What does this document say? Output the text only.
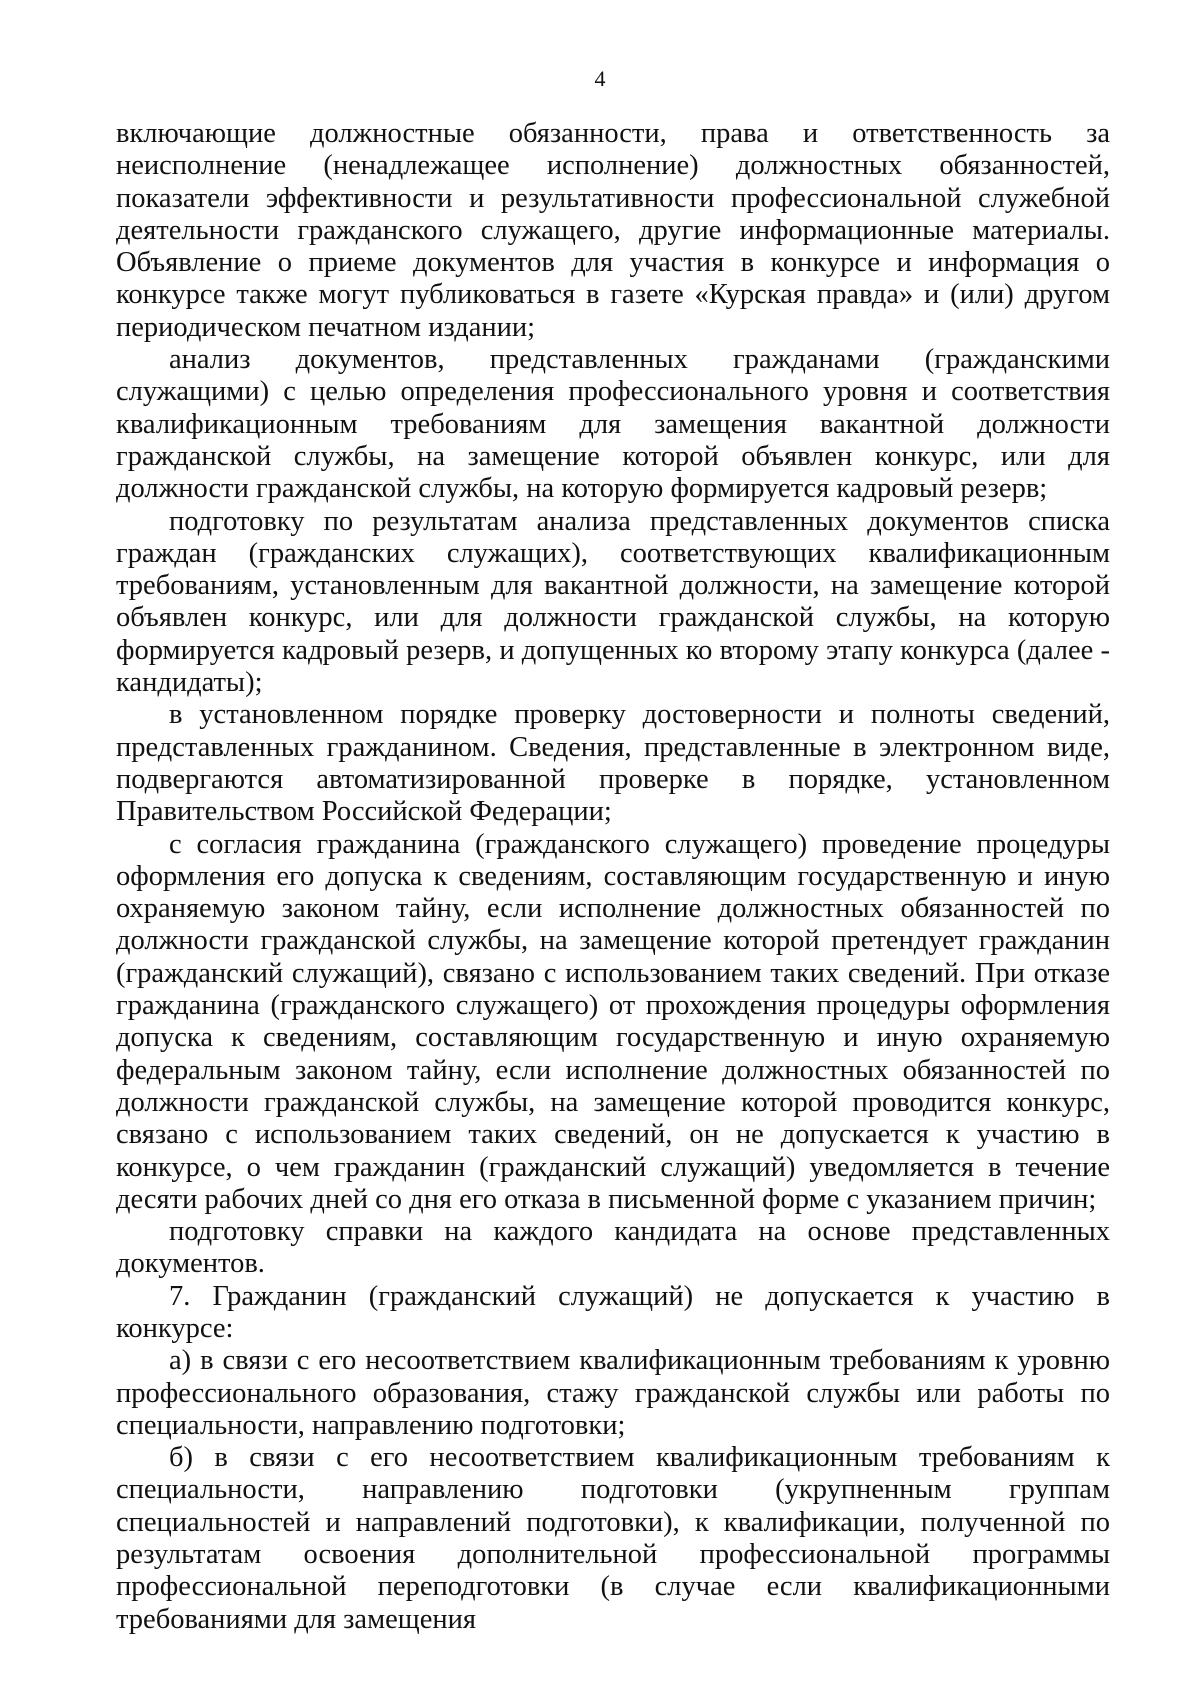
4

включающие должностные обязанности, права и ответственность за неисполнение (ненадлежащее исполнение) должностных обязанностей, показатели эффективности и результативности профессиональной служебной деятельности гражданского служащего, другие информационные материалы. Объявление о приеме документов для участия в конкурсе и информация о конкурсе также могут публиковаться в газете «Курская правда» и (или) другом периодическом печатном издании;

анализ документов, представленных гражданами (гражданскими служащими) с целью определения профессионального уровня и соответствия квалификационным требованиям для замещения вакантной должности гражданской службы, на замещение которой объявлен конкурс, или для должности гражданской службы, на которую формируется кадровый резерв;

подготовку по результатам анализа представленных документов списка граждан (гражданских служащих), соответствующих квалификационным требованиям, установленным для вакантной должности, на замещение которой объявлен конкурс, или для должности гражданской службы, на которую формируется кадровый резерв, и допущенных ко второму этапу конкурса (далее - кандидаты);

в установленном порядке проверку достоверности и полноты сведений, представленных гражданином. Сведения, представленные в электронном виде, подвергаются автоматизированной проверке в порядке, установленном Правительством Российской Федерации;

с согласия гражданина (гражданского служащего) проведение процедуры оформления его допуска к сведениям, составляющим государственную и иную охраняемую законом тайну, если исполнение должностных обязанностей по должности гражданской службы, на замещение которой претендует гражданин (гражданский служащий), связано с использованием таких сведений. При отказе гражданина (гражданского служащего) от прохождения процедуры оформления допуска к сведениям, составляющим государственную и иную охраняемую федеральным законом тайну, если исполнение должностных обязанностей по должности гражданской службы, на замещение которой проводится конкурс, связано с использованием таких сведений, он не допускается к участию в конкурсе, о чем гражданин (гражданский служащий) уведомляется в течение десяти рабочих дней со дня его отказа в письменной форме с указанием причин;

подготовку справки на каждого кандидата на основе представленных документов.

7. Гражданин (гражданский служащий) не допускается к участию в конкурсе:

а) в связи с его несоответствием квалификационным требованиям к уровню профессионального образования, стажу гражданской службы или работы по специальности, направлению подготовки;

б) в связи с его несоответствием квалификационным требованиям к специальности, направлению подготовки (укрупненным группам специальностей и направлений подготовки), к квалификации, полученной по результатам освоения дополнительной профессиональной программы профессиональной переподготовки (в случае если квалификационными требованиями для замещения
